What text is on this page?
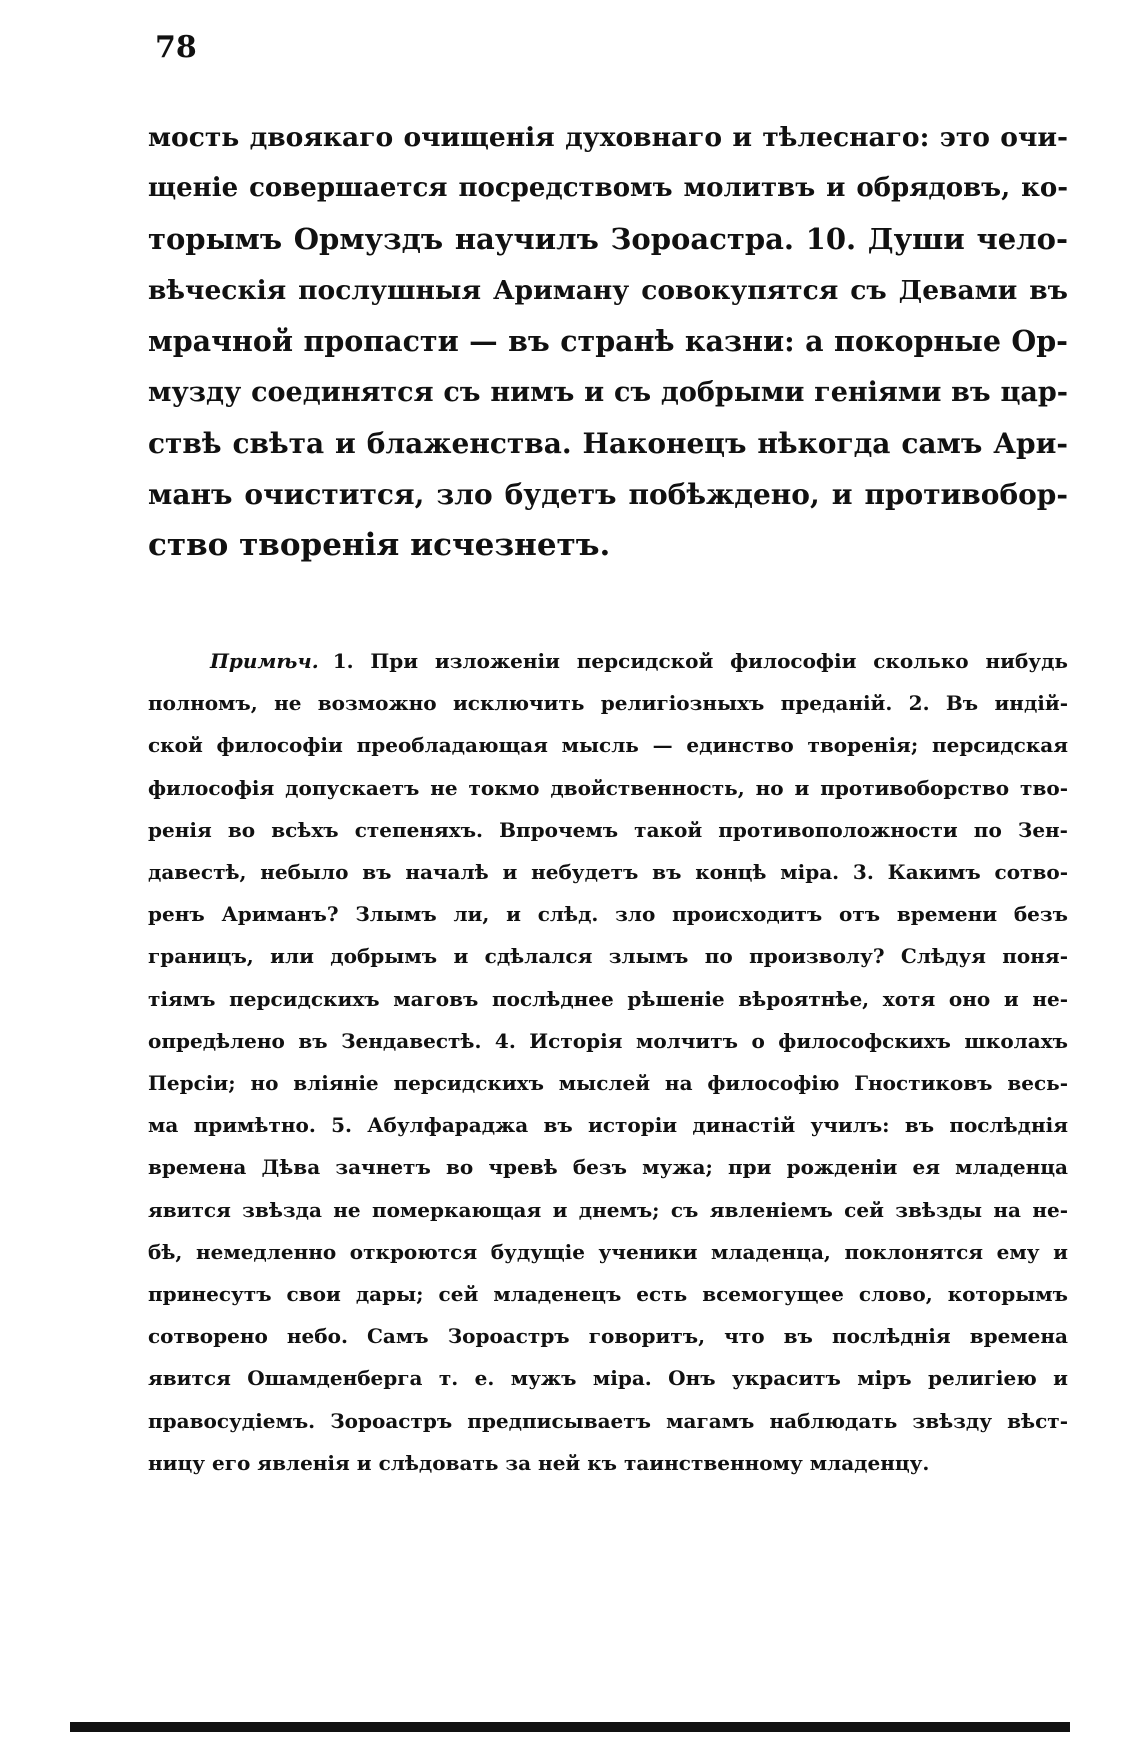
78
мость двоякаго очищенія духовнаго и тѣлеснаго: это очи-
щеніе совершается посредствомъ молитвъ и обрядовъ, ко-
торымъ Ормуздъ научилъ Зороастра. 10. Души чело-
вѣческія послушныя Ариману совокупятся съ Девами въ
мрачной пропасти — въ странѣ казни: а покорные Ор-
музду соединятся съ нимъ и съ добрыми геніями въ цар-
ствѣ свѣта и блаженства. Наконецъ нѣкогда самъ Ари-
манъ очистится, зло будетъ побѣждено, и противобор-
ство творенія исчезнетъ.
Примѣч. 1. При изложеніи персидской философіи сколько нибудь
полномъ, не возможно исключить религіозныхъ преданій. 2. Въ индій-
ской философіи преобладающая мысль — единство творенія; персидская
философія допускаетъ не токмо двойственность, но и противоборство тво-
ренія во всѣхъ степеняхъ. Впрочемъ такой противоположности по Зен-
давестѣ, небыло въ началѣ и небудетъ въ концѣ міра. 3. Какимъ сотво-
ренъ Ариманъ? Злымъ ли, и слѣд. зло происходитъ отъ времени безъ
границъ, или добрымъ и сдѣлался злымъ по произволу? Слѣдуя поня-
тіямъ персидскихъ маговъ послѣднее рѣшеніе вѣроятнѣе, хотя оно и не-
опредѣлено въ Зендавестѣ. 4. Исторія молчитъ о философскихъ школахъ
Персіи; но вліяніе персидскихъ мыслей на философію Гностиковъ весь-
ма примѣтно. 5. Абулфараджа въ исторіи династій училъ: въ послѣднія
времена Дѣва зачнетъ во чревѣ безъ мужа; при рожденіи ея младенца
явится звѣзда не померкающая и днемъ; съ явленіемъ сей звѣзды на не-
бѣ, немедленно откроются будущіе ученики младенца, поклонятся ему и
принесутъ свои дары; сей младенецъ есть всемогущее слово, которымъ
сотворено небо. Самъ Зороастръ говоритъ, что въ послѣднія времена
явится Ошамденберга т. е. мужъ міра. Онъ украситъ міръ религіею и
правосудіемъ. Зороастръ предписываетъ магамъ наблюдать звѣзду вѣст-
ницу его явленія и слѣдовать за ней къ таинственному младенцу.
